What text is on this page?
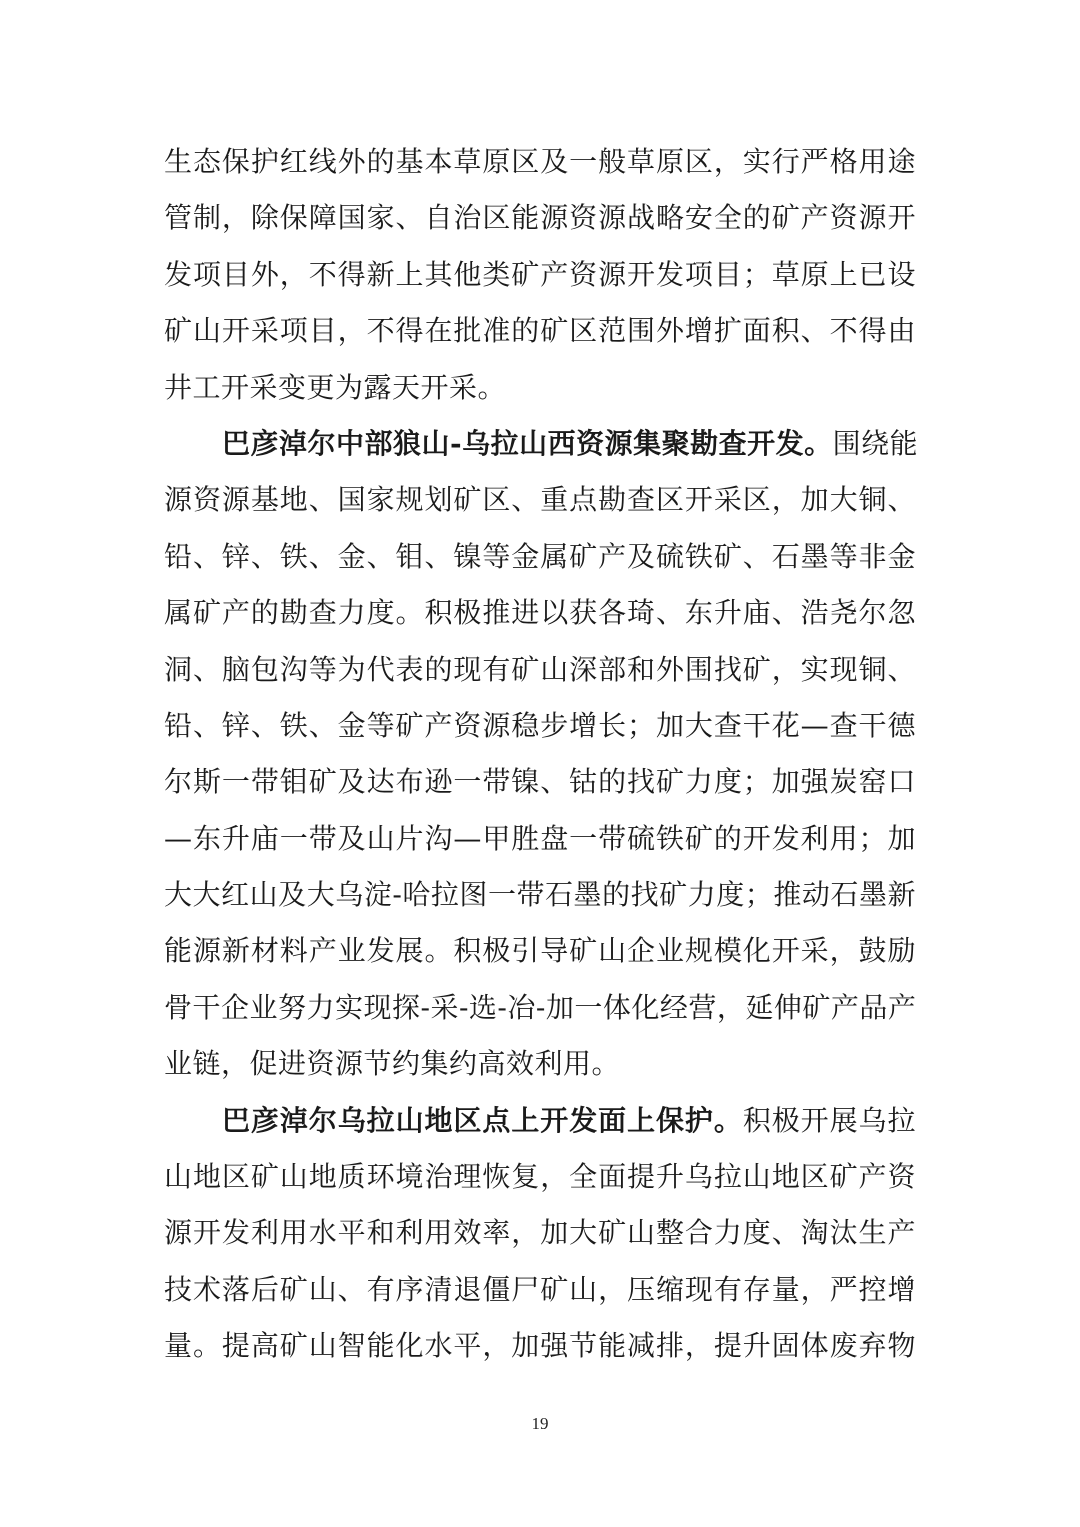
生态保护红线外的基本草原区及一般草原区，实行严格用途
管制，除保障国家、自治区能源资源战略安全的矿产资源开
发项目外，不得新上其他类矿产资源开发项目；草原上已设
矿山开采项目，不得在批准的矿区范围外增扩面积、不得由
井工开采变更为露天开采。
巴彦淖尔中部狼山-乌拉山西资源集聚勘查开发。围绕能
源资源基地、国家规划矿区、重点勘查区开采区，加大铜、
铅、锌、铁、金、钼、镍等金属矿产及硫铁矿、石墨等非金
属矿产的勘查力度。积极推进以获各琦、东升庙、浩尧尔忽
洞、脑包沟等为代表的现有矿山深部和外围找矿，实现铜、
铅、锌、铁、金等矿产资源稳步增长；加大查干花—查干德
尔斯一带钼矿及达布逊一带镍、钴的找矿力度；加强炭窑口
—东升庙一带及山片沟—甲胜盘一带硫铁矿的开发利用；加
大大红山及大乌淀-哈拉图一带石墨的找矿力度；推动石墨新
能源新材料产业发展。积极引导矿山企业规模化开采，鼓励
骨干企业努力实现探-采-选-冶-加一体化经营，延伸矿产品产
业链，促进资源节约集约高效利用。
巴彦淖尔乌拉山地区点上开发面上保护。积极开展乌拉
山地区矿山地质环境治理恢复，全面提升乌拉山地区矿产资
源开发利用水平和利用效率，加大矿山整合力度、淘汰生产
技术落后矿山、有序清退僵尸矿山，压缩现有存量，严控增
量。提高矿山智能化水平，加强节能减排，提升固体废弃物
19
